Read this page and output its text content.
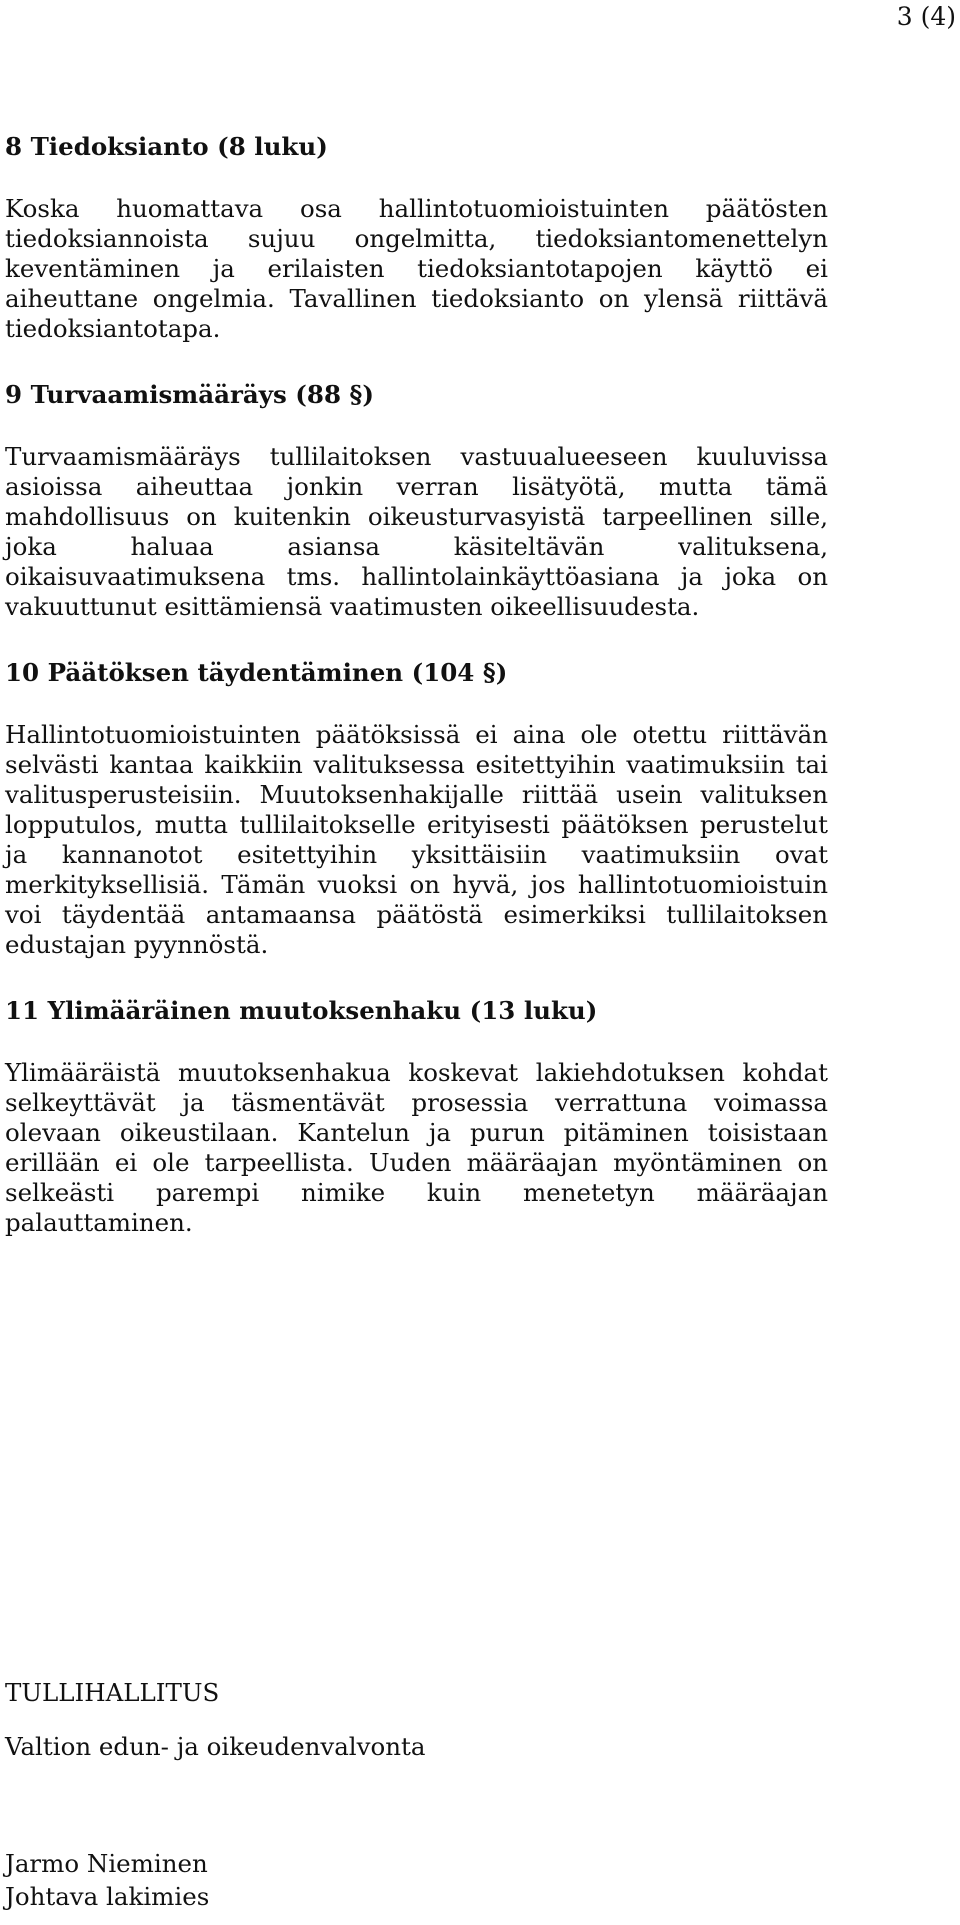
3 (4)
8 Tiedoksianto (8 luku)

Koska huomattava osa hallintotuomioistuinten päätösten tiedoksiannoista sujuu ongelmitta, tiedoksiantomenettelyn keventäminen ja erilaisten tiedoksiantotapojen käyttö ei aiheuttane ongelmia. Tavallinen tiedoksianto on ylensä riittävä tiedoksiantotapa.

9 Turvaamismääräys (88 §)

Turvaamismääräys tullilaitoksen vastuualueeseen kuuluvissa asioissa aiheuttaa jonkin verran lisätyötä, mutta tämä mahdollisuus on kuitenkin oikeusturvasyistä tarpeellinen sille, joka haluaa asiansa käsiteltävän valituksena, oikaisuvaatimuksena tms. hallintolainkäyttöasiana ja joka on vakuuttunut esittämiensä vaatimusten oikeellisuudesta.

10 Päätöksen täydentäminen (104 §)

Hallintotuomioistuinten päätöksissä ei aina ole otettu riittävän selvästi kantaa kaikkiin valituksessa esitettyihin vaatimuksiin tai valitusperusteisiin. Muutoksenhakijalle riittää usein valituksen lopputulos, mutta tullilaitokselle erityisesti päätöksen perustelut ja kannanotot esitettyihin yksittäisiin vaatimuksiin ovat merkityksellisiä. Tämän vuoksi on hyvä, jos hallintotuomioistuin voi täydentää antamaansa päätöstä esimerkiksi tullilaitoksen edustajan pyynnöstä.

11 Ylimääräinen muutoksenhaku (13 luku)

Ylimääräistä muutoksenhakua koskevat lakiehdotuksen kohdat selkeyttävät ja täsmentävät prosessia verrattuna voimassa olevaan oikeustilaan. Kantelun ja purun pitäminen toisistaan erillään ei ole tarpeellista. Uuden määräajan myöntäminen on selkeästi parempi nimike kuin menetetyn määräajan palauttaminen.

TULLIHALLITUS
Valtion edun- ja oikeudenvalvonta
Jarmo Nieminen
Johtava lakimies
